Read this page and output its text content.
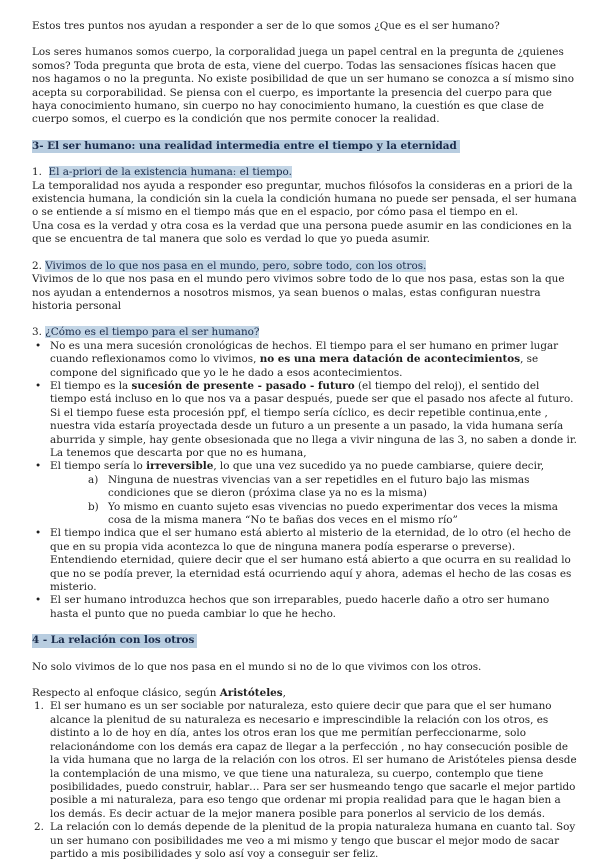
Estos tres puntos nos ayudan a responder a ser de lo que somos ¿Que es el ser humano?

Los seres humanos somos cuerpo, la corporalidad juega un papel central en la pregunta de ¿quienes somos? Toda pregunta que brota de esta, viene del cuerpo. Todas las sensaciones físicas hacen que nos hagamos o no la pregunta. No existe posibilidad de que un ser humano se conozca a sí mismo sino acepta su corporabilidad. Se piensa con el cuerpo, es importante la presencia del cuerpo para que haya conocimiento humano, sin cuerpo no hay conocimiento humano, la cuestión es que clase de cuerpo somos, el cuerpo es la condición que nos permite conocer la realidad.

3- El ser humano: una realidad intermedia entre el tiempo y la eternidad

1. El a-priori de la existencia humana: el tiempo.

La temporalidad nos ayuda a responder eso preguntar, muchos filósofos la consideras en a priori de la existencia humana, la condición sin la cuela la condición humana no puede ser pensada, el ser humana o se entiende a sí mismo en el tiempo más que en el espacio, por cómo pasa el tiempo en el.

Una cosa es la verdad y otra cosa es la verdad que una persona puede asumir en las condiciones en la que se encuentra de tal manera que solo es verdad lo que yo pueda asumir.

2. Vivimos de lo que nos pasa en el mundo, pero, sobre todo, con los otros.

Vivimos de lo que nos pasa en el mundo pero vivimos sobre todo de lo que nos pasa, estas son la que nos ayudan a entendernos a nosotros mismos, ya sean buenos o malas, estas configuran nuestra historia personal

3. ¿Cómo es el tiempo para el ser humano?

• No es una mera sucesión cronológicas de hechos. El tiempo para el ser humano en primer lugar cuando reflexionamos como lo vivimos, no es una mera datación de acontecimientos, se compone del significado que yo le he dado a esos acontecimientos.
• El tiempo es la sucesión de presente - pasado - futuro (el tiempo del reloj), el sentido del tiempo está incluso en lo que nos va a pasar después, puede ser que el pasado nos afecte al futuro. Si el tiempo fuese esta procesión ppf, el tiempo sería cíclico, es decir repetible continua,ente , nuestra vida estaría proyectada desde un futuro a un presente a un pasado, la vida humana sería aburrida y simple, hay gente obsesionada que no llega a vivir ninguna de las 3, no saben a donde ir. La tenemos que descarta por que no es humana,
• El tiempo sería lo irreversible, lo que una vez sucedido ya no puede cambiarse, quiere decir,
a) Ninguna de nuestras vivencias van a ser repetidles en el futuro bajo las mismas condiciones que se dieron (próxima clase ya no es la misma)
b) Yo mismo en cuanto sujeto esas vivencias no puedo experimentar dos veces la misma cosa de la misma manera “No te bañas dos veces en el mismo río”
• El tiempo indica que el ser humano está abierto al misterio de la eternidad, de lo otro (el hecho de que en su propia vida acontezca lo que de ninguna manera podía esperarse o preverse). Entendiendo eternidad, quiere decir que el ser humano está abierto a que ocurra en su realidad lo que no se podía prever, la eternidad está ocurriendo aquí y ahora, ademas el hecho de las cosas es misterio.
• El ser humano introduzca hechos que son irreparables, puedo hacerle daño a otro ser humano hasta el punto que no pueda cambiar lo que he hecho.

4 - La relación con los otros

No solo vivimos de lo que nos pasa en el mundo si no de lo que vivimos con los otros.

Respecto al enfoque clásico, según Aristóteles,

1. El ser humano es un ser sociable por naturaleza, esto quiere decir que para que el ser humano alcance la plenitud de su naturaleza es necesario e imprescindible la relación con los otros, es distinto a lo de hoy en día, antes los otros eran los que me permitían perfeccionarme, solo relacionándome con los demás era capaz de llegar a la perfección , no hay consecución posible de la vida humana que no larga de la relación con los otros. El ser humano de Aristóteles piensa desde la contemplación de una mismo, ve que tiene una naturaleza, su cuerpo, contemplo que tiene posibilidades, puedo construir, hablar… Para ser ser husmeando tengo que sacarle el mejor partido posible a mi naturaleza, para eso tengo que ordenar mi propia realidad para que le hagan bien a los demás. Es decir actuar de la mejor manera posible para ponerlos al servicio de los demás.
2. La relación con lo demás depende de la plenitud de la propia naturaleza humana en cuanto tal. Soy un ser humano con posibilidades me veo a mi mismo y tengo que buscar el mejor modo de sacar partido a mis posibilidades y solo así voy a conseguir ser feliz.
